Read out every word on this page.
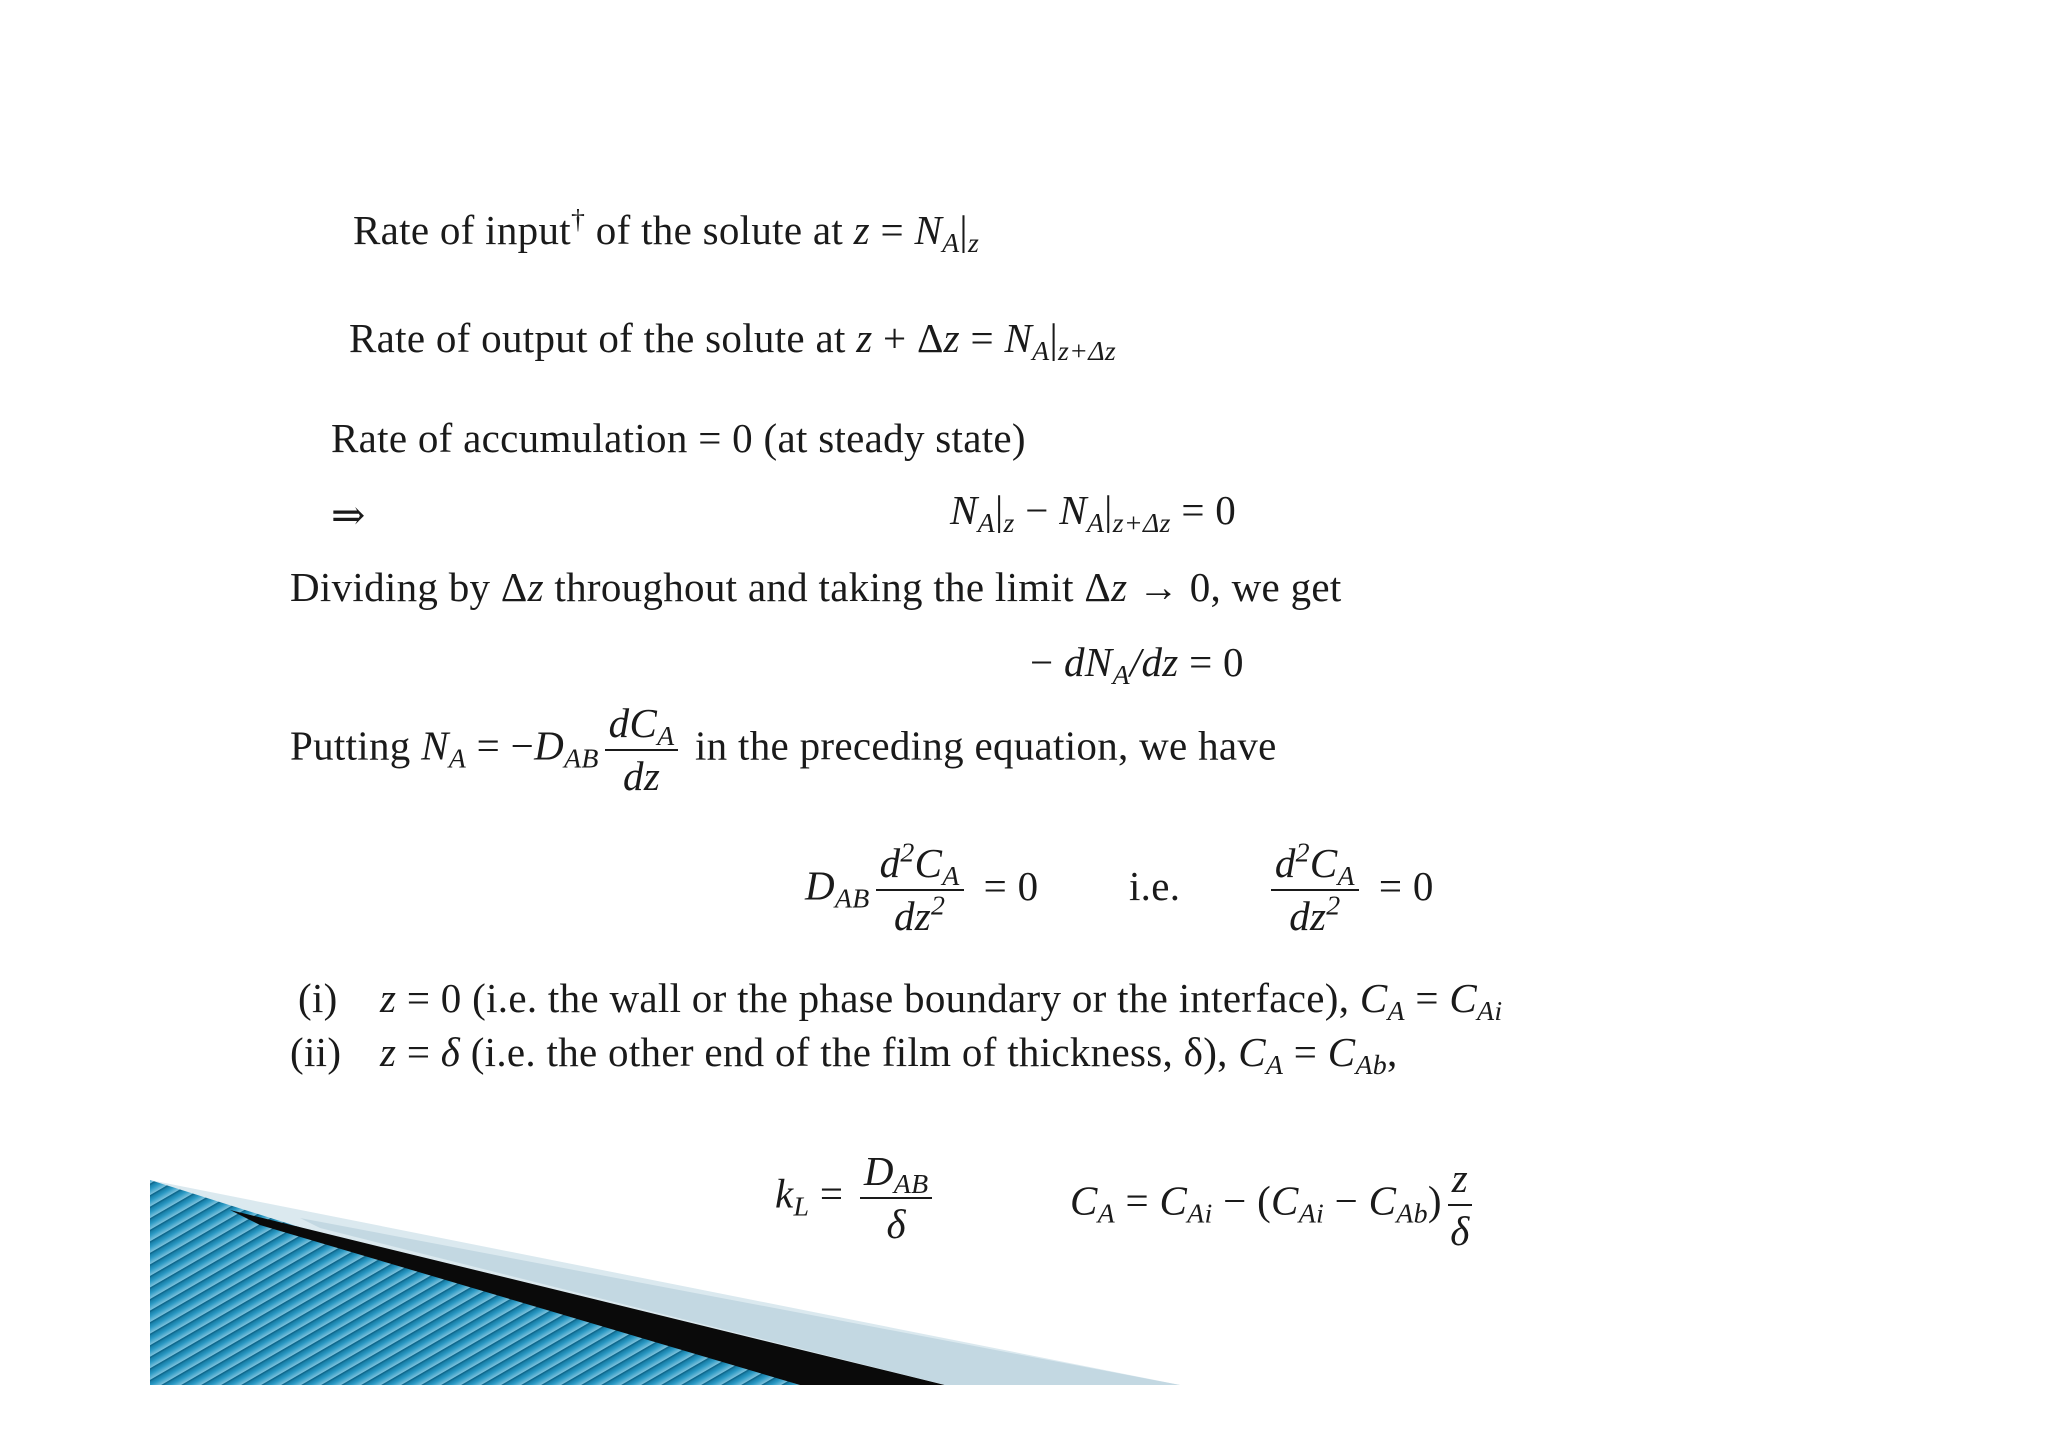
Rate of input† of the solute at $z = N_A|_z$
Rate of output of the solute at $z + \Delta z = N_A|_{z+\Delta z}$
Rate of accumulation = 0 (at steady state)
⇒	$N_A|_z - N_A|_{z+\Delta z} = 0$
Dividing by Δz throughout and taking the limit Δz → 0, we get
− $dN_A/dz = 0$
Putting $N_A = -D_{AB} \frac{dC_A}{dz}$ in the preceding equation, we have
$D_{AB} \frac{d^2C_A}{dz^2} = 0$ i.e. $\frac{d^2C_A}{dz^2} = 0$
(i) z = 0 (i.e. the wall or the phase boundary or the interface), $C_A = C_{Ai}$
(ii) z = δ (i.e. the other end of the film of thickness, δ), $C_A = C_{Ab}$,
$k_L = \frac{D_{AB}}{\delta}$	$C_A = C_{Ai} - (C_{Ai} - C_{Ab}) \frac{z}{\delta}$
